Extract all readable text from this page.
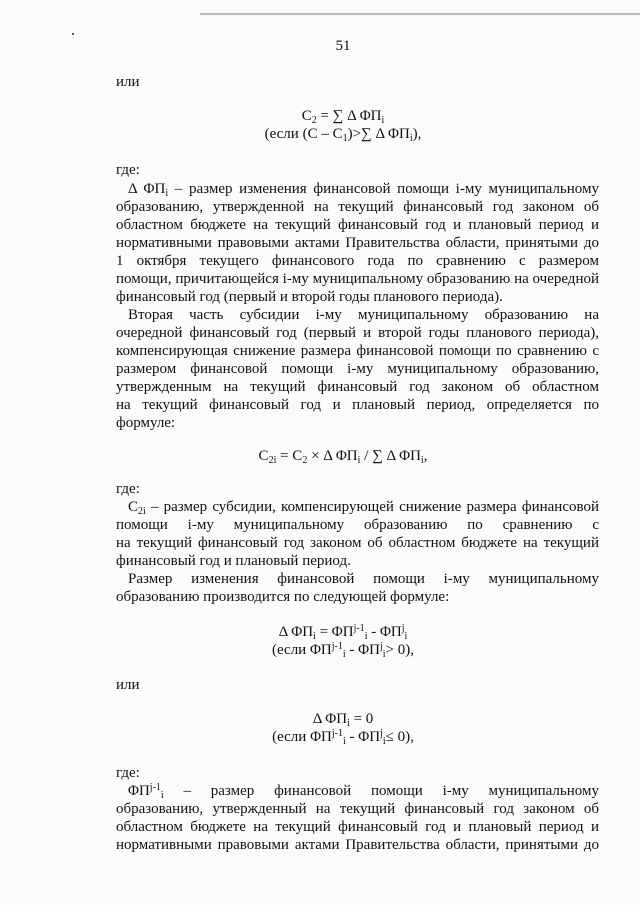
51
или
$C_2$ = ∑ Δ $\Phi П_i$
(если $(C - C_1)>\sum$ Δ $\Phi П_i$),
где:
Δ $\Phi П_i$ – размер изменения финансовой помощи i-му муниципальному
образованию, утвержденной на текущий финансовый год законом об
областном бюджете на текущий финансовый год и плановый период и
нормативными правовыми актами Правительства области, принятыми до
1 октября текущего финансового года по сравнению с размером
помощи, причитающейся i-му муниципальному образованию на очередной
финансовый год (первый и второй годы планового периода).
Вторая часть субсидии i-му муниципальному образованию на
очередной финансовый год (первый и второй годы планового периода),
компенсирующая снижение размера финансовой помощи по сравнению с
размером финансовой помощи i-му муниципальному образованию,
утвержденным на текущий финансовый год законом об областном
на текущий финансовый год и плановый период, определяется по
формуле:
$C_{2i} = C_2 \times \Delta$ $\Phi П_i$ / ∑ Δ $\Phi П_i$,
где:
$C_{2i}$ – размер субсидии, компенсирующей снижение размера финансовой
помощи i-му муниципальному образованию по сравнению с
на текущий финансовый год законом об областном бюджете на текущий
финансовый год и плановый период.
Размер изменения финансовой помощи i-му муниципальному
образованию производится по следующей формуле:
Δ $\Phi П_i = \Phi П^{j-1}_i - \Phi П^j_i$
(если $\Phi П^{j-1}_i - \Phi П^j_i> 0$),
или
Δ $\Phi П_i = 0$
(если $\Phi П^{j-1}_i - \Phi П^j_i\le 0$),
где:
$\Phi П^{j-1}_i$ – размер финансовой помощи i-му муниципальному
образованию, утвержденный на текущий финансовый год законом об
областном бюджете на текущий финансовый год и плановый период и
нормативными правовыми актами Правительства области, принятыми до
